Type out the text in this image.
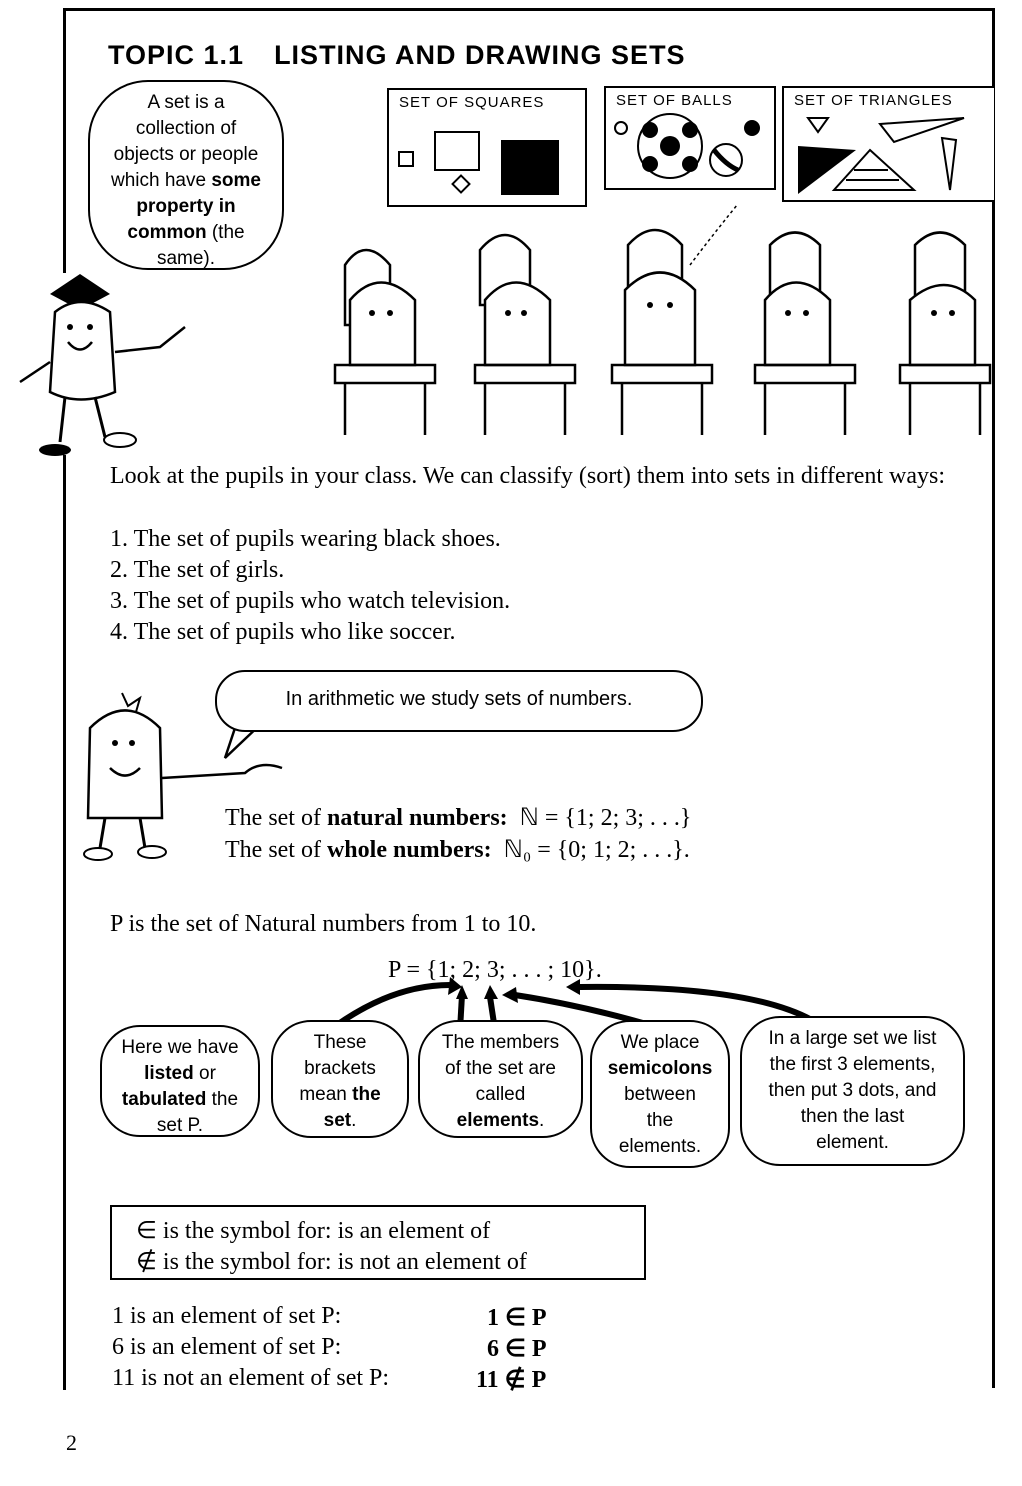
TOPIC 1.1 LISTING AND DRAWING SETS
A set is a
collection of
objects or people
which have some
property in
common (the
same).
SET OF SQUARES	SET OF BALLS	SET OF TRIANGLES
Look at the pupils in your class. We can classify (sort) them into sets in different ways:
1. The set of pupils wearing black shoes.
2. The set of girls.
3. The set of pupils who watch television.
4. The set of pupils who like soccer.
In arithmetic we study sets of numbers.
The set of natural numbers: ℕ = {1; 2; 3; . . .}
The set of whole numbers: ℕ₀ = {0; 1; 2; . . .}.
P is the set of Natural numbers from 1 to 10.
P = {1; 2; 3; . . . ; 10}.
Here we have
listed or
tabulated the
set P.
These
brackets
mean the
set.
The members
of the set are
called
elements.
We place
semicolons
between
the
elements.
In a large set we list
the first 3 elements,
then put 3 dots, and
then the last
element.
∈ is the symbol for: is an element of
∉ is the symbol for: is not an element of
1 is an element of set P:	1 ∈ P
6 is an element of set P:	6 ∈ P
11 is not an element of set P:	11 ∉ P
2
